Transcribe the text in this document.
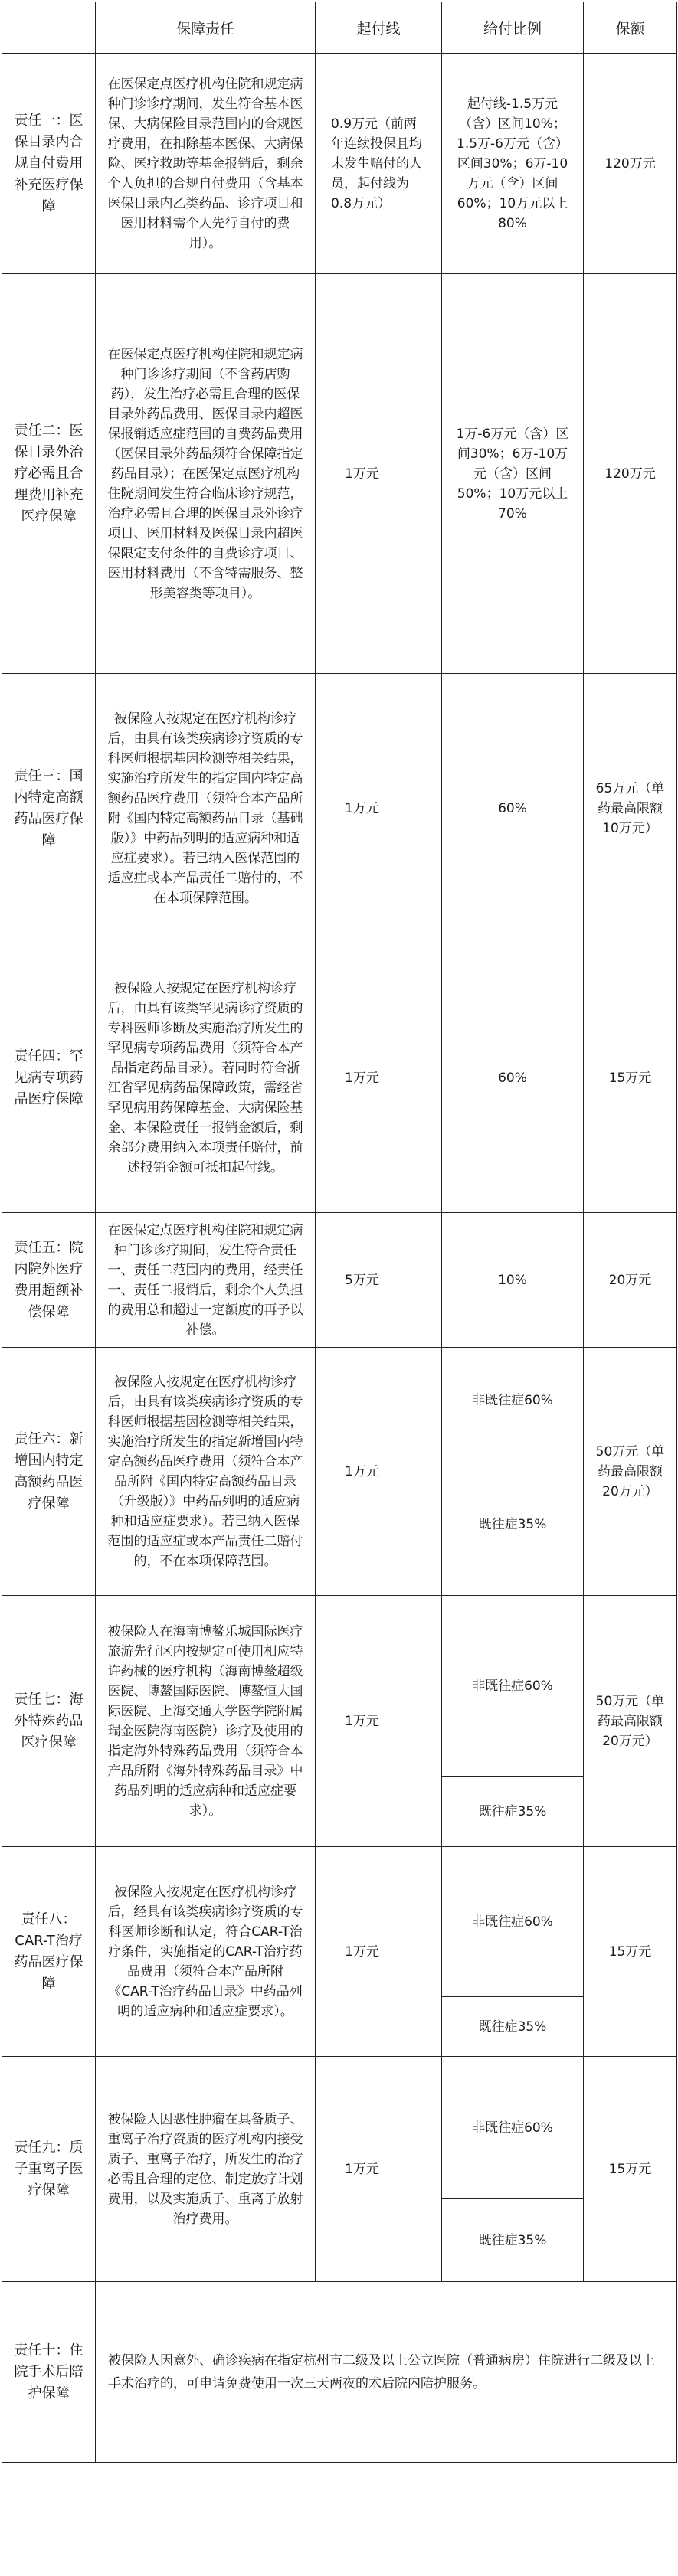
	保障责任	起付线	给付比例	保额
责任一：医保目录内合规自付费用补充医疗保障	在医保定点医疗机构住院和规定病种门诊诊疗期间，发生符合基本医保、大病保险目录范围内的合规医疗费用，在扣除基本医保、大病保险、医疗救助等基金报销后，剩余个人负担的合规自付费用（含基本医保目录内乙类药品、诊疗项目和医用材料需个人先行自付的费用）。	0.9万元（前两年连续投保且均未发生赔付的人员，起付线为0.8万元）	起付线-1.5万元（含）区间10%；1.5万-6万元（含）区间30%；6万-10万元（含）区间60%；10万元以上80%	120万元
责任二：医保目录外治疗必需且合理费用补充医疗保障	在医保定点医疗机构住院和规定病种门诊诊疗期间（不含药店购药），发生治疗必需且合理的医保目录外药品费用、医保目录内超医保报销适应症范围的自费药品费用（医保目录外药品须符合保障指定药品目录）；在医保定点医疗机构住院期间发生符合临床诊疗规范，治疗必需且合理的医保目录外诊疗项目、医用材料及医保目录内超医保限定支付条件的自费诊疗项目、医用材料费用（不含特需服务、整形美容类等项目）。	1万元	1万-6万元（含）区间30%；6万-10万元（含）区间50%；10万元以上70%	120万元
责任三：国内特定高额药品医疗保障	被保险人按规定在医疗机构诊疗后，由具有该类疾病诊疗资质的专科医师根据基因检测等相关结果，实施治疗所发生的指定国内特定高额药品医疗费用（须符合本产品所附《国内特定高额药品目录（基础版）》中药品列明的适应病种和适应症要求）。若已纳入医保范围的适应症或本产品责任二赔付的，不在本项保障范围。	1万元	60%	65万元（单药最高限额10万元）
责任四：罕见病专项药品医疗保障	被保险人按规定在医疗机构诊疗后，由具有该类罕见病诊疗资质的专科医师诊断及实施治疗所发生的罕见病专项药品费用（须符合本产品指定药品目录）。若同时符合浙江省罕见病药品保障政策，需经省罕见病用药保障基金、大病保险基金、本保险责任一报销金额后，剩余部分费用纳入本项责任赔付，前述报销金额可抵扣起付线。	1万元	60%	15万元
责任五：院内院外医疗费用超额补偿保障	在医保定点医疗机构住院和规定病种门诊诊疗期间，发生符合责任一、责任二范围内的费用，经责任一、责任二报销后，剩余个人负担的费用总和超过一定额度的再予以补偿。	5万元	10%	20万元
责任六：新增国内特定高额药品医疗保障	被保险人按规定在医疗机构诊疗后，由具有该类疾病诊疗资质的专科医师根据基因检测等相关结果，实施治疗所发生的指定新增国内特定高额药品医疗费用（须符合本产品所附《国内特定高额药品目录（升级版）》中药品列明的适应病种和适应症要求）。若已纳入医保范围的适应症或本产品责任二赔付的，不在本项保障范围。	1万元	非既往症60%	50万元（单药最高限额20万元）
			既往症35%	
责任七：海外特殊药品医疗保障	被保险人在海南博鳌乐城国际医疗旅游先行区内按规定可使用相应特许药械的医疗机构（海南博鳌超级医院、博鳌国际医院、博鳌恒大国际医院、上海交通大学医学院附属瑞金医院海南医院）诊疗及使用的指定海外特殊药品费用（须符合本产品所附《海外特殊药品目录》中药品列明的适应病种和适应症要求）。	1万元	非既往症60%	50万元（单药最高限额20万元）
			既往症35%	
责任八：CAR-T治疗药品医疗保障	被保险人按规定在医疗机构诊疗后，经具有该类疾病诊疗资质的专科医师诊断和认定，符合CAR-T治疗条件，实施指定的CAR-T治疗药品费用（须符合本产品所附《CAR-T治疗药品目录》中药品列明的适应病种和适应症要求）。	1万元	非既往症60%	15万元
			既往症35%	
责任九：质子重离子医疗保障	被保险人因恶性肿瘤在具备质子、重离子治疗资质的医疗机构内接受质子、重离子治疗，所发生的治疗必需且合理的定位、制定放疗计划费用，以及实施质子、重离子放射治疗费用。	1万元	非既往症60%	15万元
			既往症35%	
责任十：住院手术后陪护保障	被保险人因意外、确诊疾病在指定杭州市二级及以上公立医院（普通病房）住院进行二级及以上手术治疗的，可申请免费使用一次三天两夜的术后院内陪护服务。			
